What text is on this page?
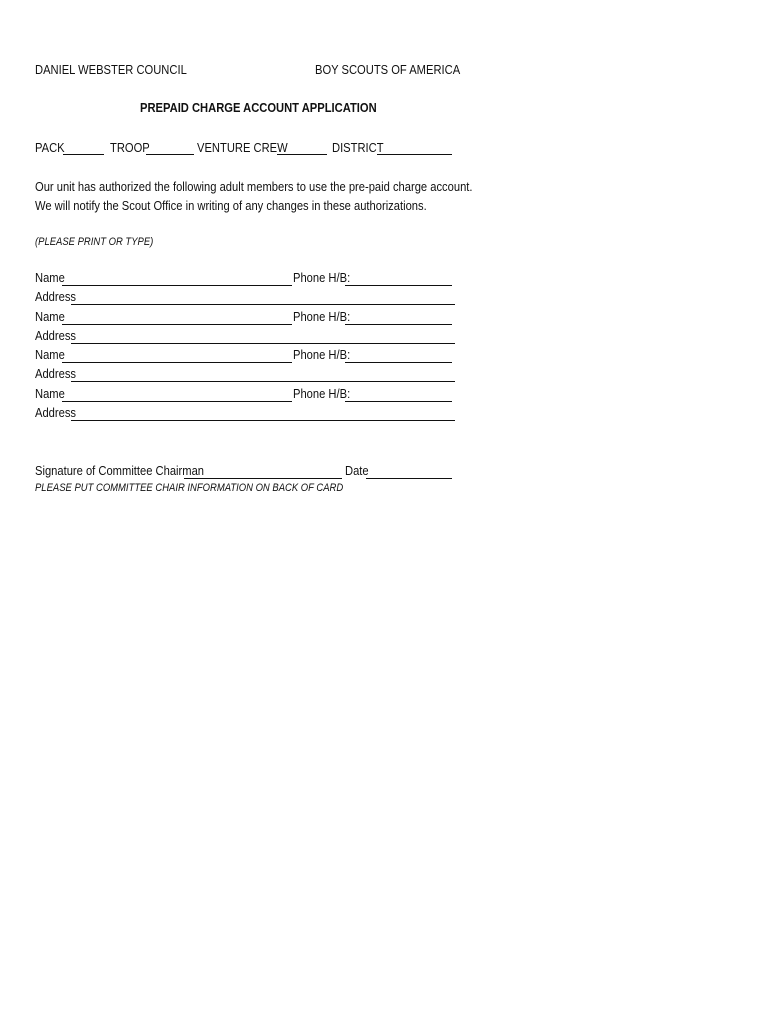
DANIEL WEBSTER COUNCIL	BOY SCOUTS OF AMERICA
PREPAID CHARGE ACCOUNT APPLICATION
PACK	TROOP	VENTURE CREW	DISTRICT
Our unit has authorized the following adult members to use the pre-paid charge account.
We will notify the Scout Office in writing of any changes in these authorizations.
(PLEASE PRINT OR TYPE)
Name	Phone H/B:
Address
Name	Phone H/B:
Address
Name	Phone H/B:
Address
Name	Phone H/B:
Address
Signature of Committee Chairman	Date
PLEASE PUT COMMITTEE CHAIR INFORMATION ON BACK OF CARD
